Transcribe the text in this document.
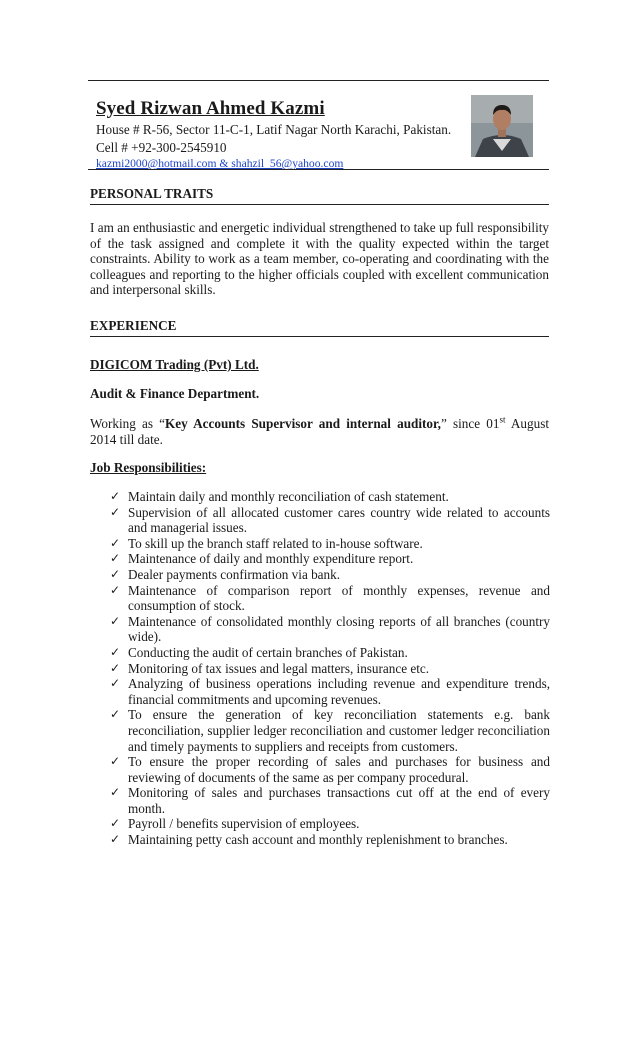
Syed Rizwan Ahmed Kazmi
House # R-56, Sector 11-C-1, Latif Nagar North Karachi, Pakistan.
Cell # +92-300-2545910
kazmi2000@hotmail.com & shahzil_56@yahoo.com
PERSONAL TRAITS
I am an enthusiastic and energetic individual strengthened to take up full responsibility of the task assigned and complete it with the quality expected within the target constraints. Ability to work as a team member, co-operating and coordinating with the colleagues and reporting to the higher officials coupled with excellent communication and interpersonal skills.
EXPERIENCE
DIGICOM Trading (Pvt) Ltd.
Audit & Finance Department.
Working as “Key Accounts Supervisor and internal auditor,” since 01st August 2014 till date.
Job Responsibilities:
✓ Maintain daily and monthly reconciliation of cash statement.
✓ Supervision of all allocated customer cares country wide related to accounts and managerial issues.
✓ To skill up the branch staff related to in-house software.
✓ Maintenance of daily and monthly expenditure report.
✓ Dealer payments confirmation via bank.
✓ Maintenance of comparison report of monthly expenses, revenue and consumption of stock.
✓ Maintenance of consolidated monthly closing reports of all branches (country wide).
✓ Conducting the audit of certain branches of Pakistan.
✓ Monitoring of tax issues and legal matters, insurance etc.
✓ Analyzing of business operations including revenue and expenditure trends, financial commitments and upcoming revenues.
✓ To ensure the generation of key reconciliation statements e.g. bank reconciliation, supplier ledger reconciliation and customer ledger reconciliation and timely payments to suppliers and receipts from customers.
✓ To ensure the proper recording of sales and purchases for business and reviewing of documents of the same as per company procedural.
✓ Monitoring of sales and purchases transactions cut off at the end of every month.
✓ Payroll / benefits supervision of employees.
✓ Maintaining petty cash account and monthly replenishment to branches.
